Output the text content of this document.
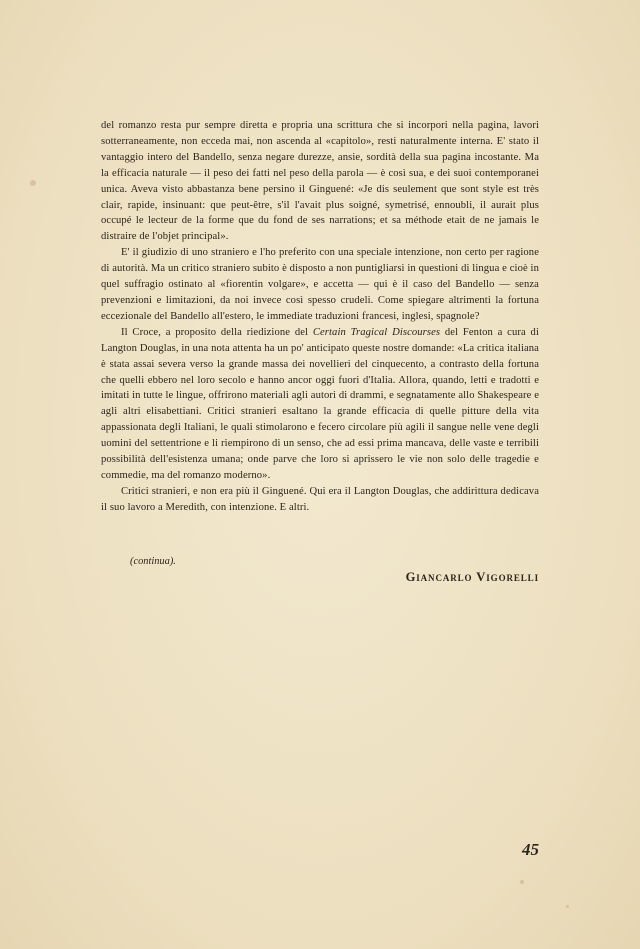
del romanzo resta pur sempre diretta e propria una scrittura che si incorpori nella pagina, lavori sotterraneamente, non ecceda mai, non ascenda al «capitolo», resti naturalmente interna. E' stato il vantaggio intero del Bandello, senza negare durezze, ansie, sordità della sua pagina incostante. Ma la efficacia naturale — il peso dei fatti nel peso della parola — è così sua, e dei suoi contemporanei unica. Aveva visto abbastanza bene persino il Ginguené: «Je dis seulement que sont style est très clair, rapide, insinuant: que peut-être, s'il l'avait plus soigné, symetrisé, ennoubli, il aurait plus occupé le lecteur de la forme que du fond de ses narrations; et sa méthode etait de ne jamais le distraire de l'objet principal».

E' il giudizio di uno straniero e l'ho preferito con una speciale intenzione, non certo per ragione di autorità. Ma un critico straniero subito è disposto a non puntigliarsi in questioni di lingua e cioè in quel suffragio ostinato al «fiorentin volgare», e accetta — qui è il caso del Bandello — senza prevenzioni e limitazioni, da noi invece così spesso crudeli. Come spiegare altrimenti la fortuna eccezionale del Bandello all'estero, le immediate traduzioni francesi, inglesi, spagnole?

Il Croce, a proposito della riedizione del Certain Tragical Discourses del Fenton a cura di Langton Douglas, in una nota attenta ha un po' anticipato queste nostre domande: «La critica italiana è stata assai severa verso la grande massa dei novellieri del cinquecento, a contrasto della fortuna che quelli ebbero nel loro secolo e hanno ancor oggi fuori d'Italia. Allora, quando, letti e tradotti e imitati in tutte le lingue, offrirono materiali agli autori di drammi, e segnatamente allo Shakespeare e agli altri elisabettiani. Critici stranieri esaltano la grande efficacia di quelle pitture della vita appassionata degli Italiani, le quali stimolarono e fecero circolare più agili il sangue nelle vene degli uomini del settentrione e li riempirono di un senso, che ad essi prima mancava, delle vaste e terribili possibilità dell'esistenza umana; onde parve che loro si aprissero le vie non solo delle tragedie e commedie, ma del romanzo moderno».

Critici stranieri, e non era più il Ginguené. Qui era il Langton Douglas, che addirittura dedicava il suo lavoro a Meredith, con intenzione. E altri.

(continua).
Giancarlo Vigorelli
45
